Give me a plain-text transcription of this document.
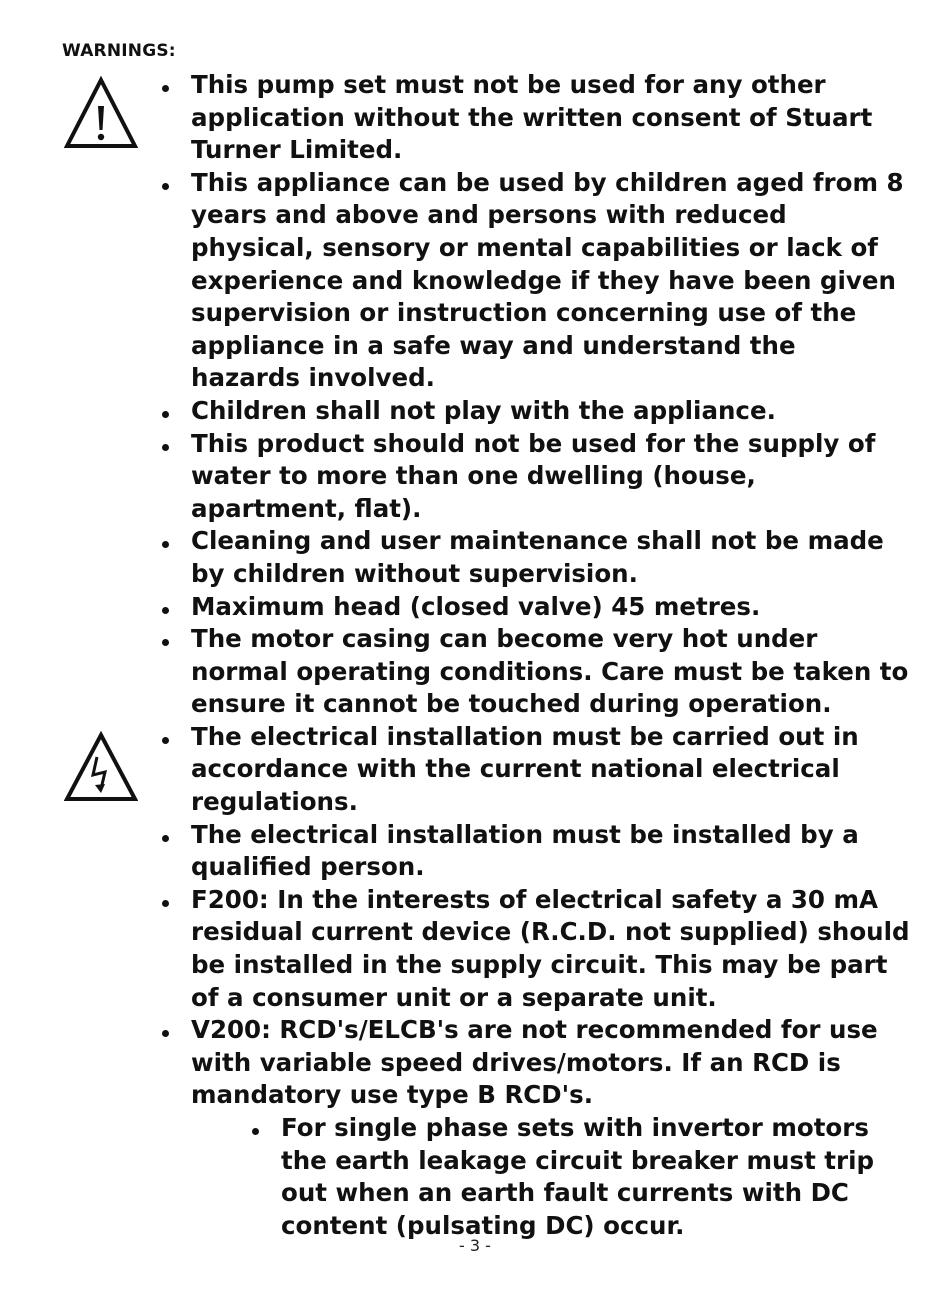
WARNINGS:
This pump set must not be used for any other application without the written consent of Stuart Turner Limited.
This appliance can be used by children aged from 8 years and above and persons with reduced physical, sensory or mental capabilities or lack of experience and knowledge if they have been given supervision or instruction concerning use of the appliance in a safe way and understand the hazards involved.
Children shall not play with the appliance.
This product should not be used for the supply of water to more than one dwelling (house, apartment, flat).
Cleaning and user maintenance shall not be made by children without supervision.
Maximum head (closed valve) 45 metres.
The motor casing can become very hot under normal operating conditions. Care must be taken to ensure it cannot be touched during operation.
The electrical installation must be carried out in accordance with the current national electrical regulations.
The electrical installation must be installed by a qualified person.
F200: In the interests of electrical safety a 30 mA residual current device (R.C.D. not supplied) should be installed in the supply circuit. This may be part of a consumer unit or a separate unit.
V200: RCD's/ELCB's are not recommended for use with variable speed drives/motors. If an RCD is mandatory use type B RCD's.
For single phase sets with invertor motors the earth leakage circuit breaker must trip out when an earth fault currents with DC content (pulsating DC) occur.
- 3 -
